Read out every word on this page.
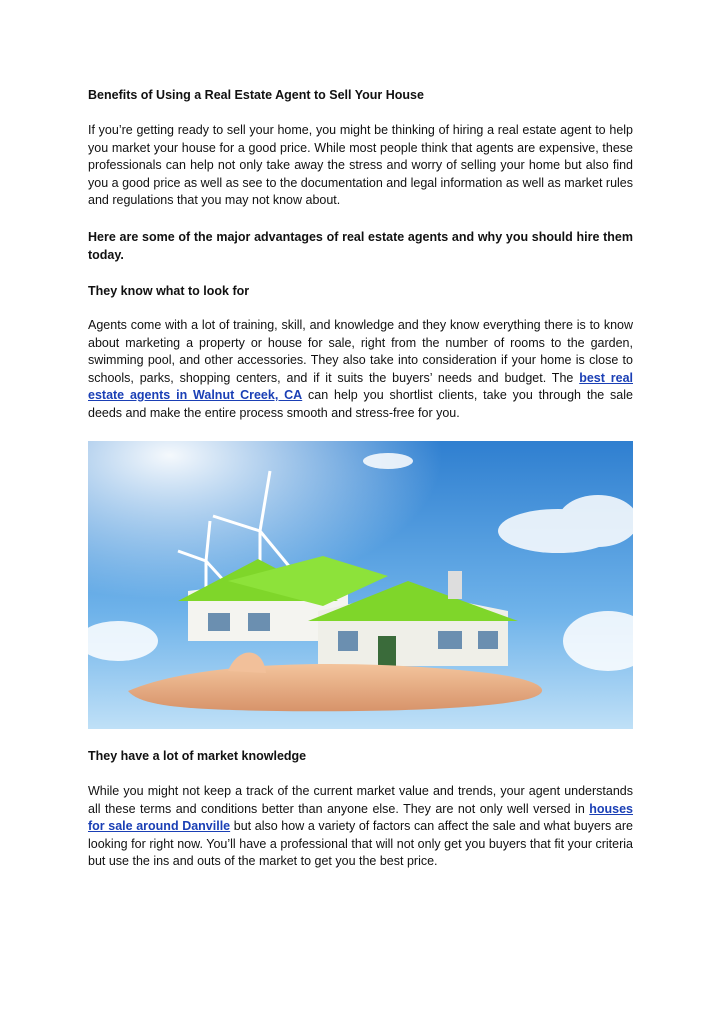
Benefits of Using a Real Estate Agent to Sell Your House

If you’re getting ready to sell your home, you might be thinking of hiring a real estate agent to help you market your house for a good price. While most people think that agents are expensive, these professionals can help not only take away the stress and worry of selling your home but also find you a good price as well as see to the documentation and legal information as well as market rules and regulations that you may not know about.

Here are some of the major advantages of real estate agents and why you should hire them today.

They know what to look for

Agents come with a lot of training, skill, and knowledge and they know everything there is to know about marketing a property or house for sale, right from the number of rooms to the garden, swimming pool, and other accessories. They also take into consideration if your home is close to schools, parks, shopping centers, and if it suits the buyers’ needs and budget. The best real estate agents in Walnut Creek, CA can help you shortlist clients, take you through the sale deeds and make the entire process smooth and stress-free for you.

They have a lot of market knowledge

While you might not keep a track of the current market value and trends, your agent understands all these terms and conditions better than anyone else. They are not only well versed in houses for sale around Danville but also how a variety of factors can affect the sale and what buyers are looking for right now. You’ll have a professional that will not only get you buyers that fit your criteria but use the ins and outs of the market to get you the best price.
